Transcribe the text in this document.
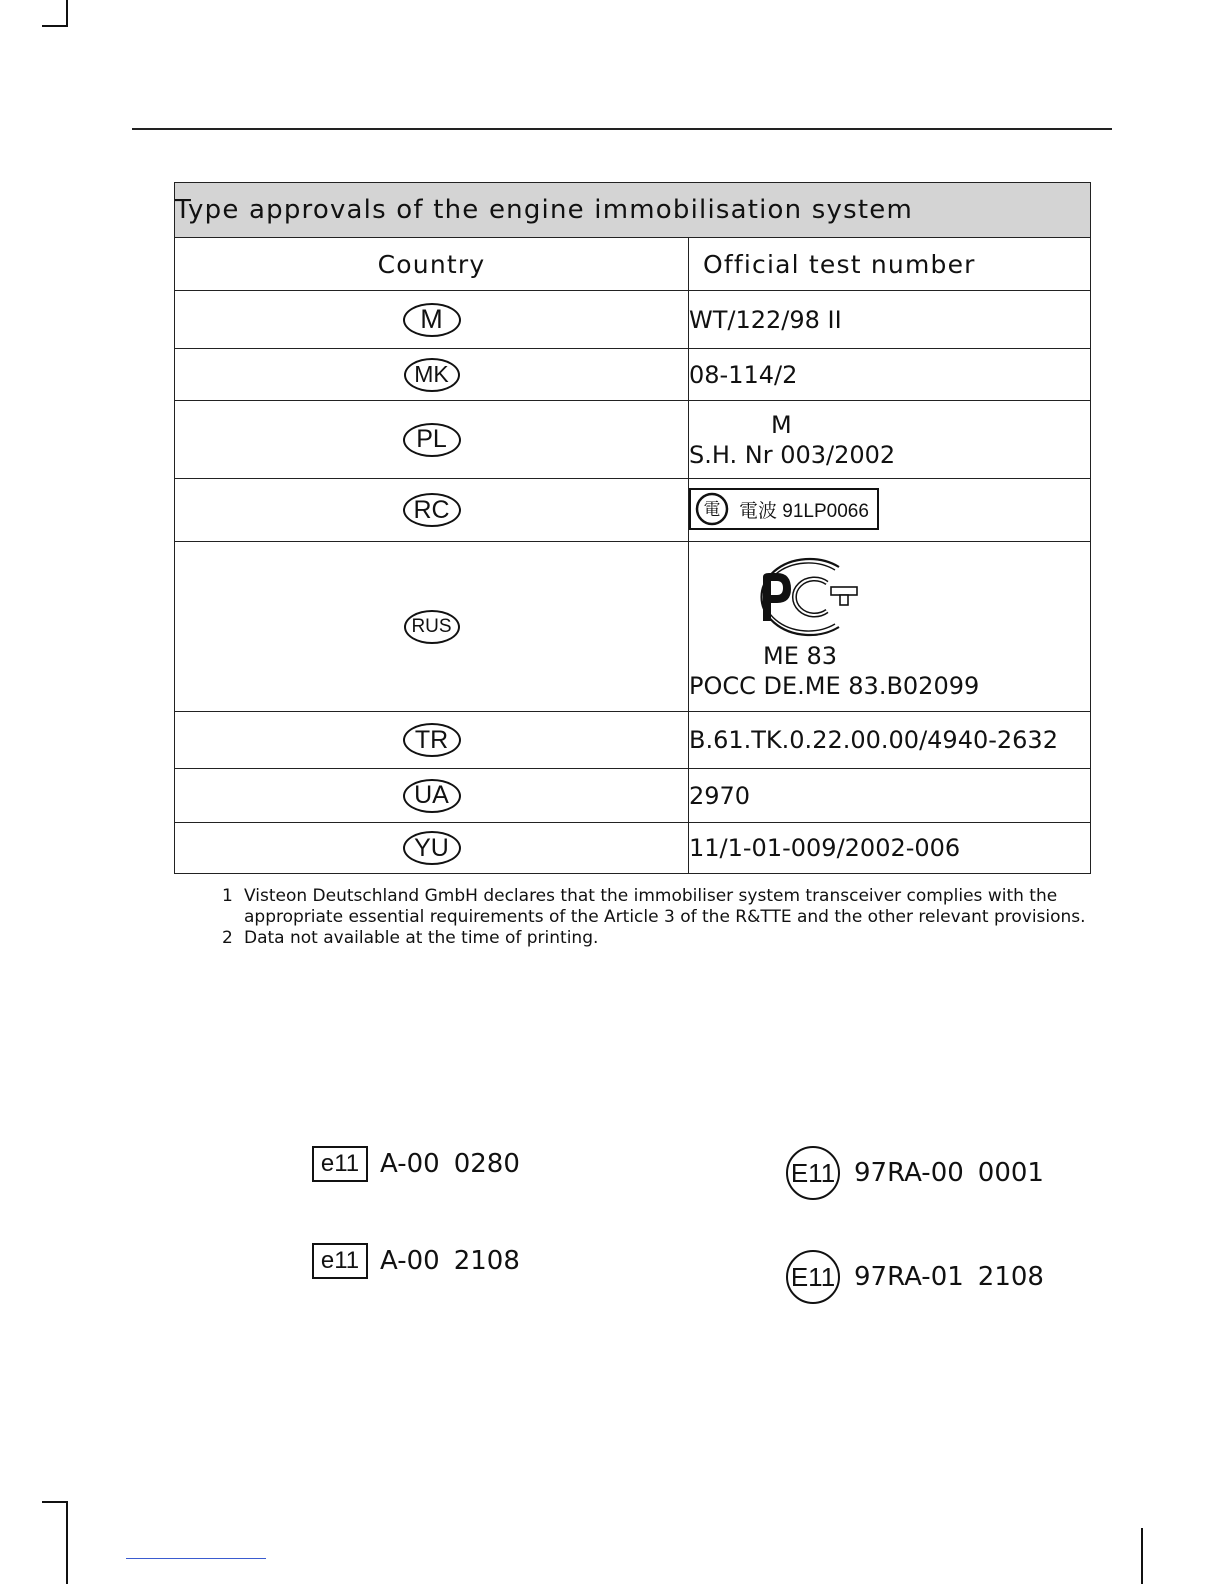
Type approvals of the engine immobilisation system	
Country	Official test number
M	WT/122/98 II
MK	08-114/2
PL	M
S.H. Nr 003/2002

RC	電 電波 91LP0066

RUS	ME 83
POCC DE.ME 83.B02099

TR	B.61.TK.0.22.00.00/4940-2632
UA	2970
YU	11/1-01-009/2002-006
1 Visteon Deutschland GmbH declares that the immobiliser system transceiver complies with the appropriate essential requirements of the Article 3 of the R&TTE and the other relevant provisions.
2 Data not available at the time of printing.
e11 A-00 0280
e11 A-00 2108
E11 97RA-00 0001
E11 97RA-01 2108
